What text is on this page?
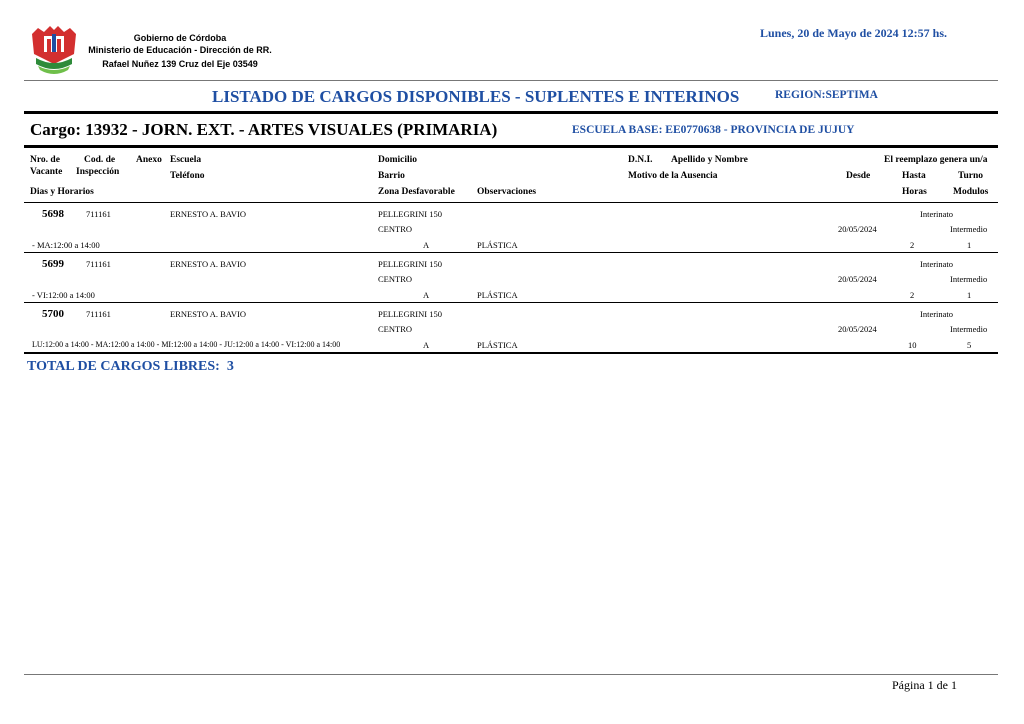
Gobierno de Córdoba
Ministerio de Educación - Dirección de RR.
Rafael Nuñez 139 Cruz del Eje 03549
Lunes, 20 de Mayo de 2024 12:57 hs.
LISTADO DE CARGOS DISPONIBLES - SUPLENTES E INTERINOS	REGION:SEPTIMA
Cargo: 13932 - JORN. EXT. - ARTES VISUALES (PRIMARIA)	ESCUELA BASE: EE0770638 - PROVINCIA DE JUJUY
Nro. de
Vacante
Cod. de
Inspección
Anexo Escuela
Teléfono
Dias y Horarios
Domicilio
Barrio
Zona Desfavorable Observaciones
D.N.I. Apellido y Nombre
Motivo de la Ausencia
El reemplazo genera un/a
Desde	Hasta	Turno
Horas	Modulos
5698	711161	ERNESTO A. BAVIO	PELLEGRINI 150	Interinato
CENTRO	20/05/2024	Intermedio
- MA:12:00 a 14:00	A	PLÁSTICA	2	1
5699	711161	ERNESTO A. BAVIO	PELLEGRINI 150	Interinato
CENTRO	20/05/2024	Intermedio
- VI:12:00 a 14:00	A	PLÁSTICA	2	1
5700	711161	ERNESTO A. BAVIO	PELLEGRINI 150	Interinato
CENTRO	20/05/2024	Intermedio
LU:12:00 a 14:00 - MA:12:00 a 14:00 - MI:12:00 a 14:00 - JU:12:00 a 14:00 - VI:12:00 a 14:00	A	PLÁSTICA	10	5
TOTAL DE CARGOS LIBRES:  3
Página 1 de 1
